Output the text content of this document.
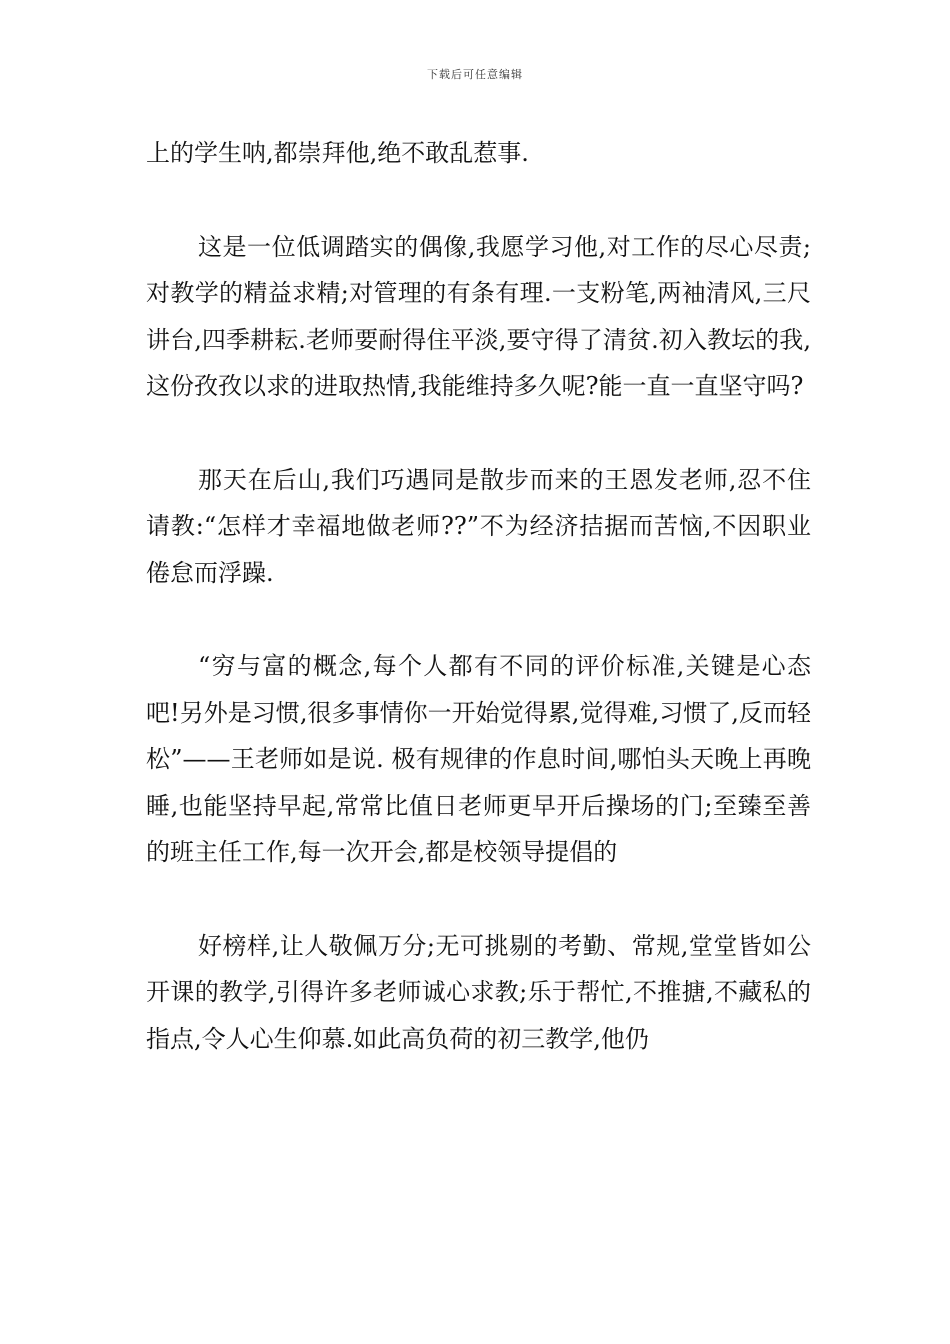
下载后可任意编辑

上的学生呐,都崇拜他,绝不敢乱惹事.

这是一位低调踏实的偶像,我愿学习他,对工作的尽心尽责;对教学的精益求精;对管理的有条有理.一支粉笔,两袖清风,三尺讲台,四季耕耘.老师要耐得住平淡,要守得了清贫.初入教坛的我,这份孜孜以求的进取热情,我能维持多久呢?能一直一直坚守吗?

那天在后山,我们巧遇同是散步而来的王恩发老师,忍不住请教:“怎样才幸福地做老师??”不为经济拮据而苦恼,不因职业倦怠而浮躁.

“穷与富的概念,每个人都有不同的评价标准,关键是心态吧!另外是习惯,很多事情你一开始觉得累,觉得难,习惯了,反而轻松”——王老师如是说. 极有规律的作息时间,哪怕头天晚上再晚睡,也能坚持早起,常常比值日老师更早开后操场的门;至臻至善的班主任工作,每一次开会,都是校领导提倡的

好榜样,让人敬佩万分;无可挑剔的考勤、常规,堂堂皆如公开课的教学,引得许多老师诚心求教;乐于帮忙,不推搪,不藏私的指点,令人心生仰慕.如此高负荷的初三教学,他仍
